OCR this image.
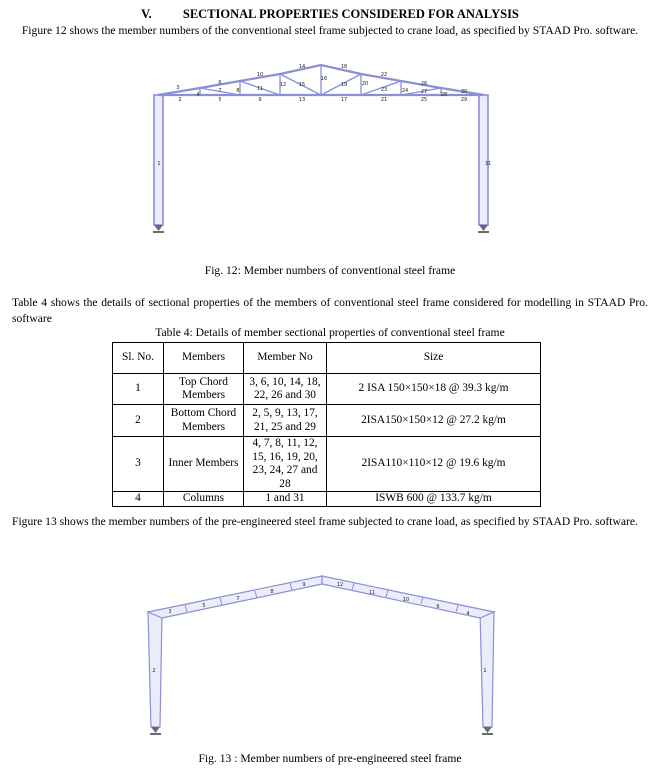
V.	SECTIONAL PROPERTIES CONSIDERED FOR ANALYSIS
Figure 12 shows the member numbers of the conventional steel frame subjected to crane load, as specified by STAAD Pro. software.
1
2
3
4
5
6
7	8
9
10
11
12
13
14
15
16
17
18
19	20
21
22
23	24
25
26
27	28
29
30
31
Fig. 12: Member numbers of conventional steel frame
Table 4 shows the details of sectional properties of the members of conventional steel frame considered for modelling in STAAD Pro. software
Table 4: Details of member sectional properties of conventional steel frame
Sl. No.	Members	Member No	Size
1	Top Chord Members	3, 6, 10, 14, 18, 22, 26 and 30	2 ISA 150×150×18 @ 39.3 kg/m
2	Bottom Chord Members	2, 5, 9, 13, 17, 21, 25 and 29	2ISA150×150×12 @ 27.2 kg/m
3	Inner Members	4, 7, 8, 11, 12, 15, 16, 19, 20, 23, 24, 27 and 28	2ISA110×110×12 @ 19.6 kg/m
4	Columns	1 and 31	ISWB 600 @ 133.7 kg/m
Figure 13 shows the member numbers of the pre-engineered steel frame subjected to crane load, as specified by STAAD Pro. software.
1
2
3	4
5	6
7
8
9
10
11
12
Fig. 13 : Member numbers of pre-engineered steel frame
